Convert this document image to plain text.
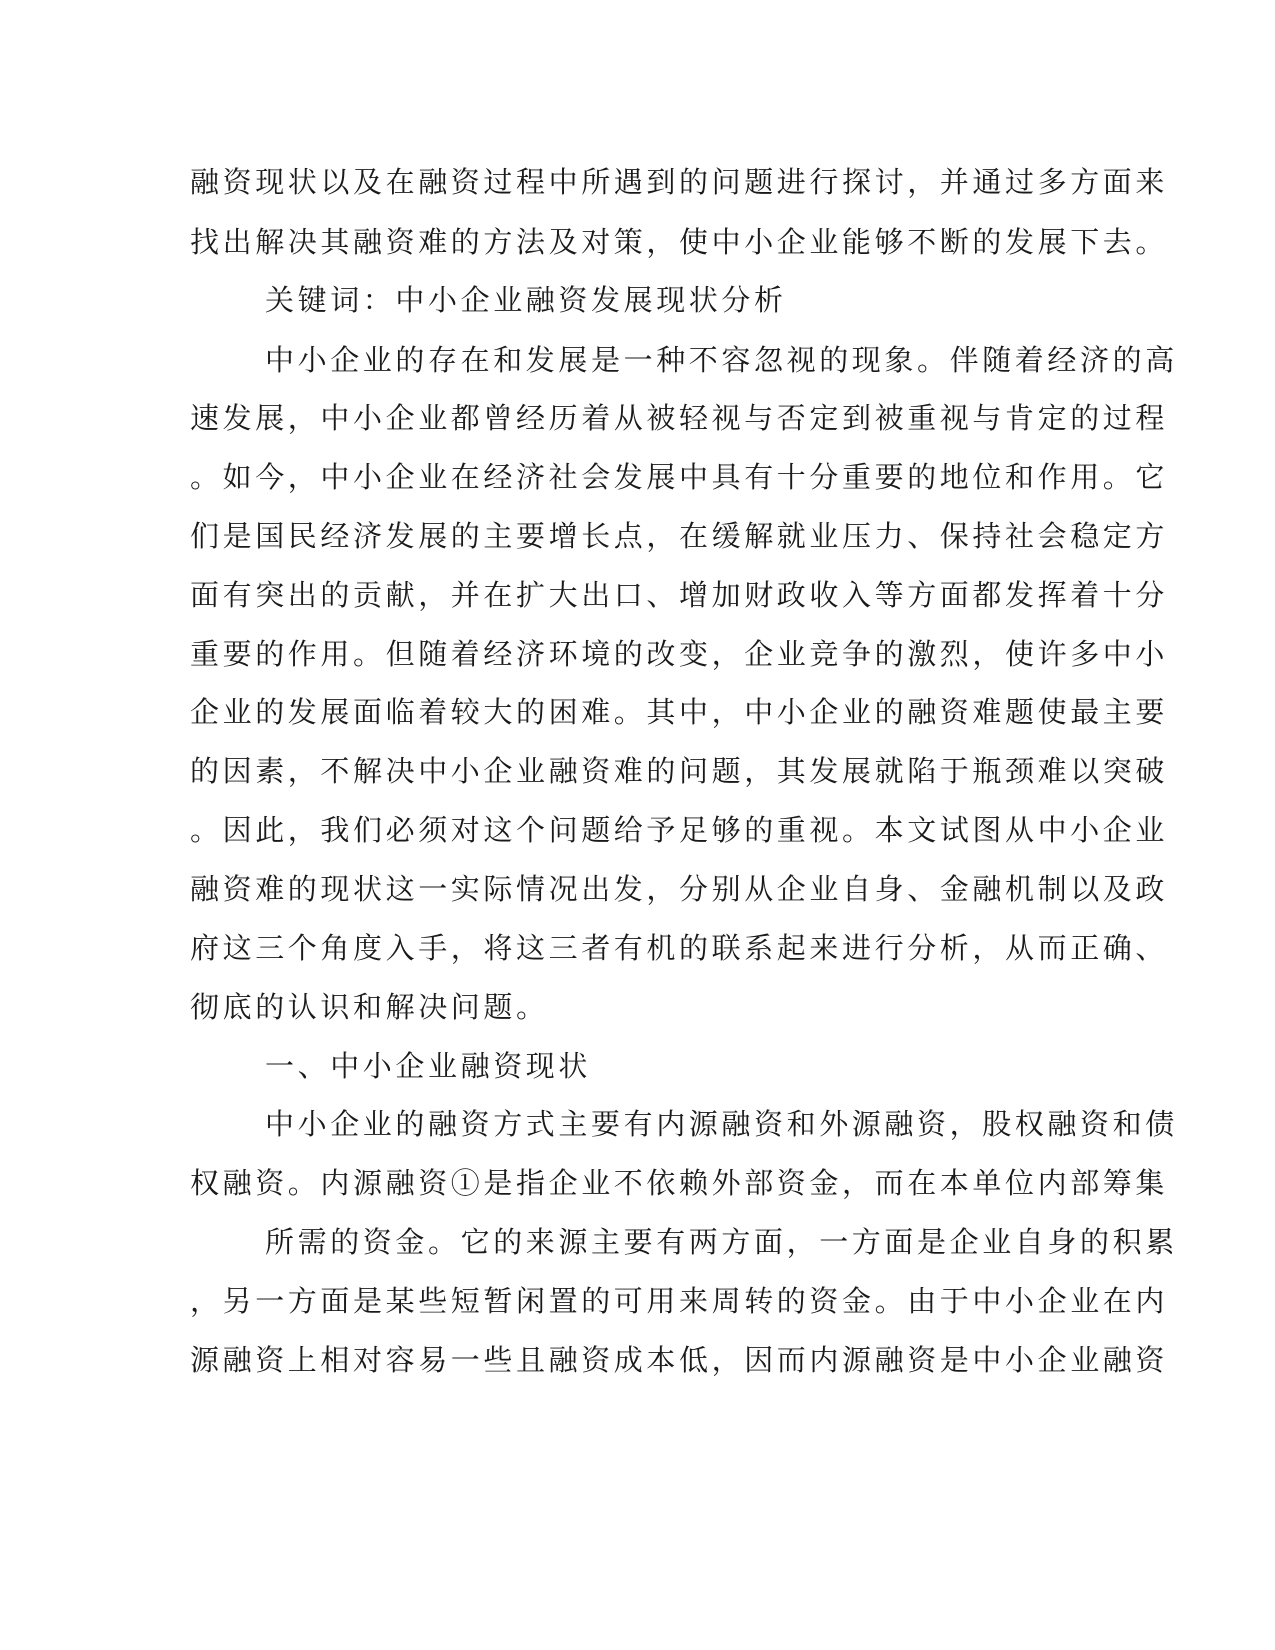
融资现状以及在融资过程中所遇到的问题进行探讨，并通过多方面来

找出解决其融资难的方法及对策，使中小企业能够不断的发展下去。

关键词：中小企业融资发展现状分析

中小企业的存在和发展是一种不容忽视的现象。伴随着经济的高

速发展，中小企业都曾经历着从被轻视与否定到被重视与肯定的过程

。如今，中小企业在经济社会发展中具有十分重要的地位和作用。它

们是国民经济发展的主要增长点，在缓解就业压力、保持社会稳定方

面有突出的贡献，并在扩大出口、增加财政收入等方面都发挥着十分

重要的作用。但随着经济环境的改变，企业竞争的激烈，使许多中小

企业的发展面临着较大的困难。其中，中小企业的融资难题使最主要

的因素，不解决中小企业融资难的问题，其发展就陷于瓶颈难以突破

。因此，我们必须对这个问题给予足够的重视。本文试图从中小企业

融资难的现状这一实际情况出发，分别从企业自身、金融机制以及政

府这三个角度入手，将这三者有机的联系起来进行分析，从而正确、

彻底的认识和解决问题。

一、中小企业融资现状

中小企业的融资方式主要有内源融资和外源融资，股权融资和债

权融资。内源融资①是指企业不依赖外部资金，而在本单位内部筹集

所需的资金。它的来源主要有两方面，一方面是企业自身的积累

，另一方面是某些短暂闲置的可用来周转的资金。由于中小企业在内

源融资上相对容易一些且融资成本低，因而内源融资是中小企业融资
